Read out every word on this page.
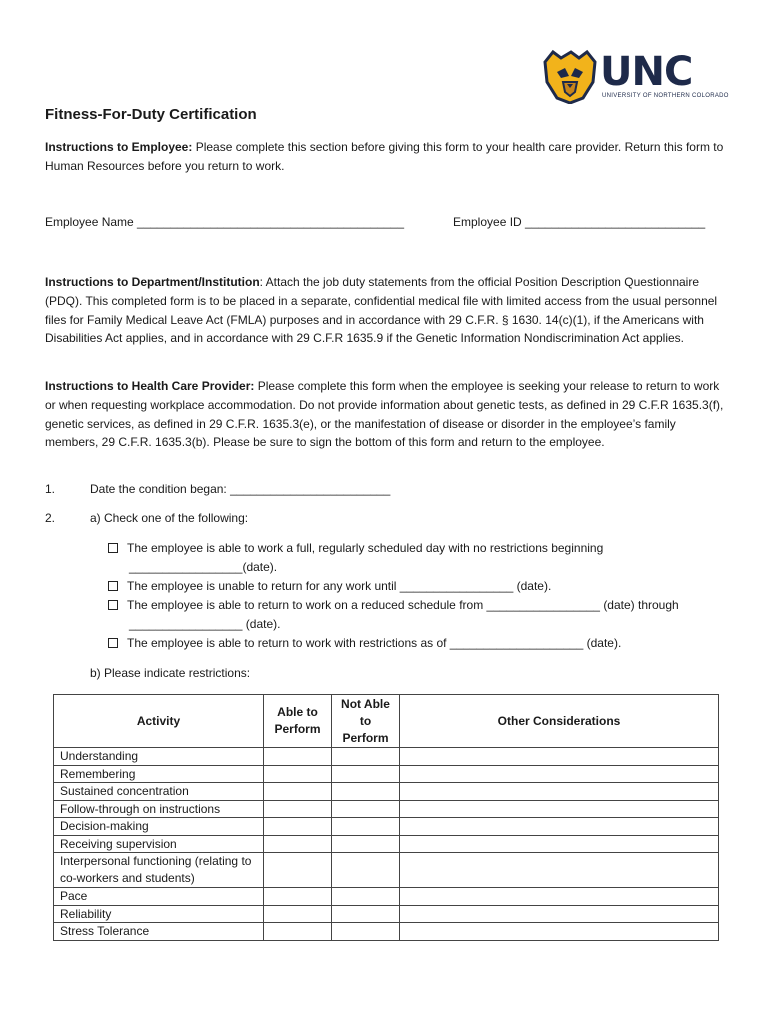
UNC
UNIVERSITY OF NORTHERN COLORADO
Fitness-For-Duty Certification

Instructions to Employee: Please complete this section before giving this form to your health care provider. Return this form to Human Resources before you return to work.

Employee Name ________________________________________	Employee ID ___________________________

Instructions to Department/Institution: Attach the job duty statements from the official Position Description Questionnaire (PDQ). This completed form is to be placed in a separate, confidential medical file with limited access from the usual personnel files for Family Medical Leave Act (FMLA) purposes and in accordance with 29 C.F.R. § 1630. 14(c)(1), if the Americans with Disabilities Act applies, and in accordance with 29 C.F.R 1635.9 if the Genetic Information Nondiscrimination Act applies.

Instructions to Health Care Provider: Please complete this form when the employee is seeking your release to return to work or when requesting workplace accommodation. Do not provide information about genetic tests, as defined in 29 C.F.R 1635.3(f), genetic services, as defined in 29 C.F.R. 1635.3(e), or the manifestation of disease or disorder in the employee’s family members, 29 C.F.R. 1635.3(b). Please be sure to sign the bottom of this form and return to the employee.

1.	Date the condition began: ________________________
2.	a) Check one of the following:
The employee is able to work a full, regularly scheduled day with no restrictions beginning
_________________(date).
The employee is unable to return for any work until _________________ (date).
The employee is able to return to work on a reduced schedule from _________________ (date) through
_________________ (date).
The employee is able to return to work with restrictions as of ____________________ (date).
b) Please indicate restrictions:
Activity	Able to Perform	Not Able to Perform	Other Considerations
Understanding			
Remembering			
Sustained concentration			
Follow-through on instructions			
Decision-making			
Receiving supervision			
Interpersonal functioning (relating to co-workers and students)			
Pace			
Reliability			
Stress Tolerance			
